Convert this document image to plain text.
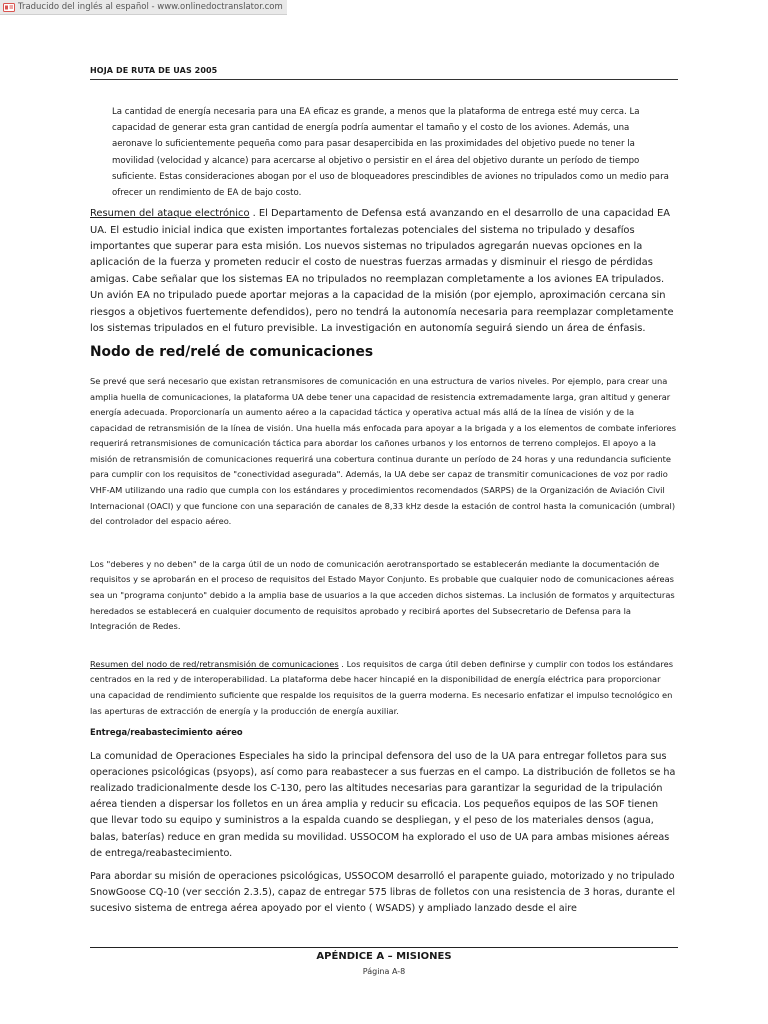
Traducido del inglés al español - www.onlinedoctranslator.com
HOJA DE RUTA DE UAS 2005

La cantidad de energía necesaria para una EA eficaz es grande, a menos que la plataforma de entrega esté muy cerca. La capacidad de generar esta gran cantidad de energía podría aumentar el tamaño y el costo de los aviones. Además, una aeronave lo suficientemente pequeña como para pasar desapercibida en las proximidades del objetivo puede no tener la movilidad (velocidad y alcance) para acercarse al objetivo o persistir en el área del objetivo durante un período de tiempo suficiente. Estas consideraciones abogan por el uso de bloqueadores prescindibles de aviones no tripulados como un medio para ofrecer un rendimiento de EA de bajo costo.

Resumen del ataque electrónico . El Departamento de Defensa está avanzando en el desarrollo de una capacidad EA UA. El estudio inicial indica que existen importantes fortalezas potenciales del sistema no tripulado y desafíos importantes que superar para esta misión. Los nuevos sistemas no tripulados agregarán nuevas opciones en la aplicación de la fuerza y prometen reducir el costo de nuestras fuerzas armadas y disminuir el riesgo de pérdidas amigas. Cabe señalar que los sistemas EA no tripulados no reemplazan completamente a los aviones EA tripulados. Un avión EA no tripulado puede aportar mejoras a la capacidad de la misión (por ejemplo, aproximación cercana sin riesgos a objetivos fuertemente defendidos), pero no tendrá la autonomía necesaria para reemplazar completamente los sistemas tripulados en el futuro previsible. La investigación en autonomía seguirá siendo un área de énfasis.

Nodo de red/relé de comunicaciones

Se prevé que será necesario que existan retransmisores de comunicación en una estructura de varios niveles. Por ejemplo, para crear una amplia huella de comunicaciones, la plataforma UA debe tener una capacidad de resistencia extremadamente larga, gran altitud y generar energía adecuada. Proporcionaría un aumento aéreo a la capacidad táctica y operativa actual más allá de la línea de visión y de la capacidad de retransmisión de la línea de visión. Una huella más enfocada para apoyar a la brigada y a los elementos de combate inferiores requerirá retransmisiones de comunicación táctica para abordar los cañones urbanos y los entornos de terreno complejos. El apoyo a la misión de retransmisión de comunicaciones requerirá una cobertura continua durante un período de 24 horas y una redundancia suficiente para cumplir con los requisitos de "conectividad asegurada". Además, la UA debe ser capaz de transmitir comunicaciones de voz por radio VHF-AM utilizando una radio que cumpla con los estándares y procedimientos recomendados (SARPS) de la Organización de Aviación Civil Internacional (OACI) y que funcione con una separación de canales de 8,33 kHz desde la estación de control hasta la comunicación (umbral) del controlador del espacio aéreo.

Los "deberes y no deben" de la carga útil de un nodo de comunicación aerotransportado se establecerán mediante la documentación de requisitos y se aprobarán en el proceso de requisitos del Estado Mayor Conjunto. Es probable que cualquier nodo de comunicaciones aéreas sea un "programa conjunto" debido a la amplia base de usuarios a la que acceden dichos sistemas. La inclusión de formatos y arquitecturas heredados se establecerá en cualquier documento de requisitos aprobado y recibirá aportes del Subsecretario de Defensa para la Integración de Redes.

Resumen del nodo de red/retransmisión de comunicaciones . Los requisitos de carga útil deben definirse y cumplir con todos los estándares centrados en la red y de interoperabilidad. La plataforma debe hacer hincapié en la disponibilidad de energía eléctrica para proporcionar una capacidad de rendimiento suficiente que respalde los requisitos de la guerra moderna. Es necesario enfatizar el impulso tecnológico en las aperturas de extracción de energía y la producción de energía auxiliar.

Entrega/reabastecimiento aéreo

La comunidad de Operaciones Especiales ha sido la principal defensora del uso de la UA para entregar folletos para sus operaciones psicológicas (psyops), así como para reabastecer a sus fuerzas en el campo. La distribución de folletos se ha realizado tradicionalmente desde los C-130, pero las altitudes necesarias para garantizar la seguridad de la tripulación aérea tienden a dispersar los folletos en un área amplia y reducir su eficacia. Los pequeños equipos de las SOF tienen que llevar todo su equipo y suministros a la espalda cuando se despliegan, y el peso de los materiales densos (agua, balas, baterías) reduce en gran medida su movilidad. USSOCOM ha explorado el uso de UA para ambas misiones aéreas de entrega/reabastecimiento.

Para abordar su misión de operaciones psicológicas, USSOCOM desarrolló el parapente guiado, motorizado y no tripulado SnowGoose CQ-10 (ver sección 2.3.5), capaz de entregar 575 libras de folletos con una resistencia de 3 horas, durante el sucesivo sistema de entrega aérea apoyado por el viento ( WSADS) y ampliado lanzado desde el aire

APÉNDICE A – MISIONES
Página A-8
